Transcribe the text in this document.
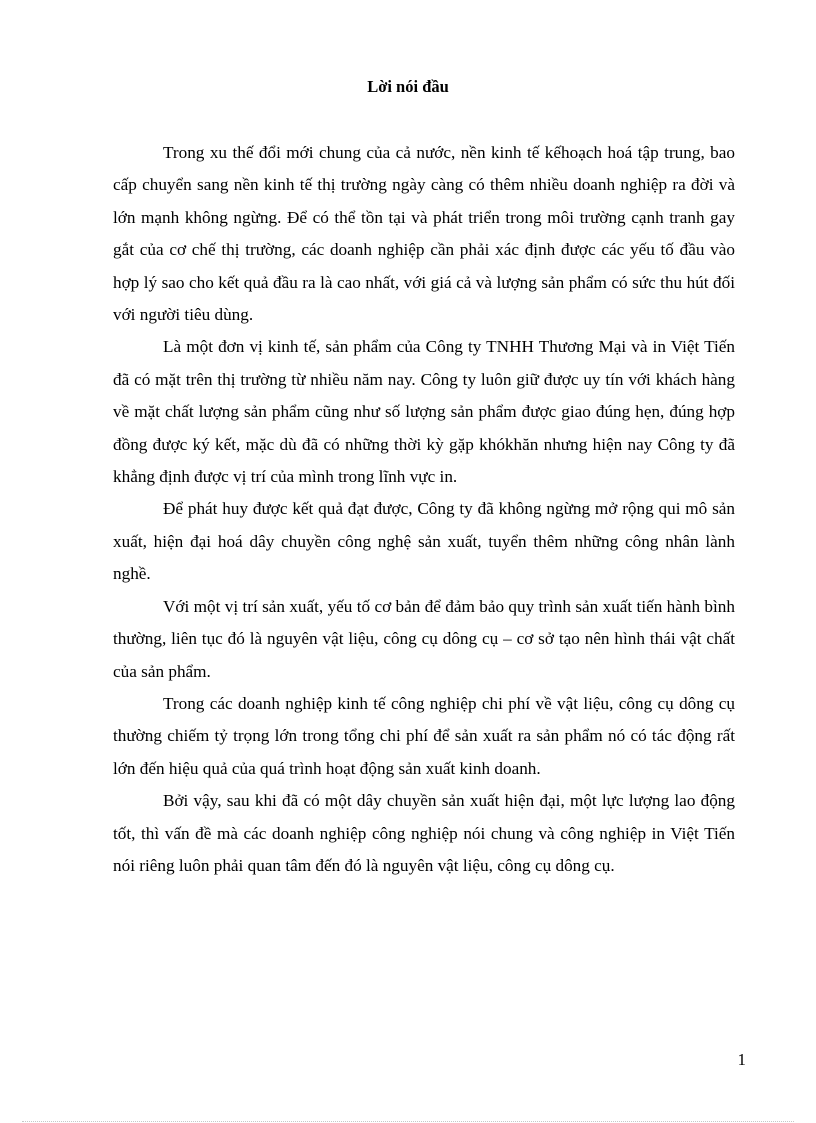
Lời nói đầu

Trong xu thế đổi mới chung của cả nước, nền kinh tế kếhoạch hoá tập trung, bao cấp chuyển sang nền kinh tế thị trường ngày càng có thêm nhiều doanh nghiệp ra đời và lớn mạnh không ngừng. Để có thể tồn tại và phát triển trong môi trường cạnh tranh gay gắt của cơ chế thị trường, các doanh nghiệp cần phải xác định được các yếu tố đầu vào hợp lý sao cho kết quả đầu ra là cao nhất, với giá cả và lượng sản phẩm có sức thu hút đối với người tiêu dùng.

Là một đơn vị kinh tế, sản phẩm của Công ty TNHH Thương Mại và in Việt Tiến đã có mặt trên thị trường từ nhiều năm nay. Công ty luôn giữ được uy tín với khách hàng về mặt chất lượng sản phẩm cũng như số lượng sản phẩm được giao đúng hẹn, đúng hợp đồng được ký kết, mặc dù đã có những thời kỳ gặp khókhăn nhưng hiện nay Công ty đã khẳng định được vị trí của mình trong lĩnh vực in.

Để phát huy được kết quả đạt được, Công ty đã không ngừng mở rộng qui mô sản xuất, hiện đại hoá dây chuyền công nghệ sản xuất, tuyển thêm những công nhân lành nghề.

Với một vị trí sản xuất, yếu tố cơ bản để đảm bảo quy trình sản xuất tiến hành bình thường, liên tục đó là nguyên vật liệu, công cụ dông cụ – cơ sở tạo nên hình thái vật chất của sản phẩm.

Trong các doanh nghiệp kinh tế công nghiệp chi phí về vật liệu, công cụ dông cụ thường chiếm tỷ trọng lớn trong tổng chi phí để sản xuất ra sản phẩm nó có tác động rất lớn đến hiệu quả của quá trình hoạt động sản xuất kinh doanh.

Bởi vậy, sau khi đã có một dây chuyền sản xuất hiện đại, một lực lượng lao động tốt, thì vấn đề mà các doanh nghiệp công nghiệp nói chung và công nghiệp in Việt Tiến nói riêng luôn phải quan tâm đến đó là nguyên vật liệu, công cụ dông cụ.

1
